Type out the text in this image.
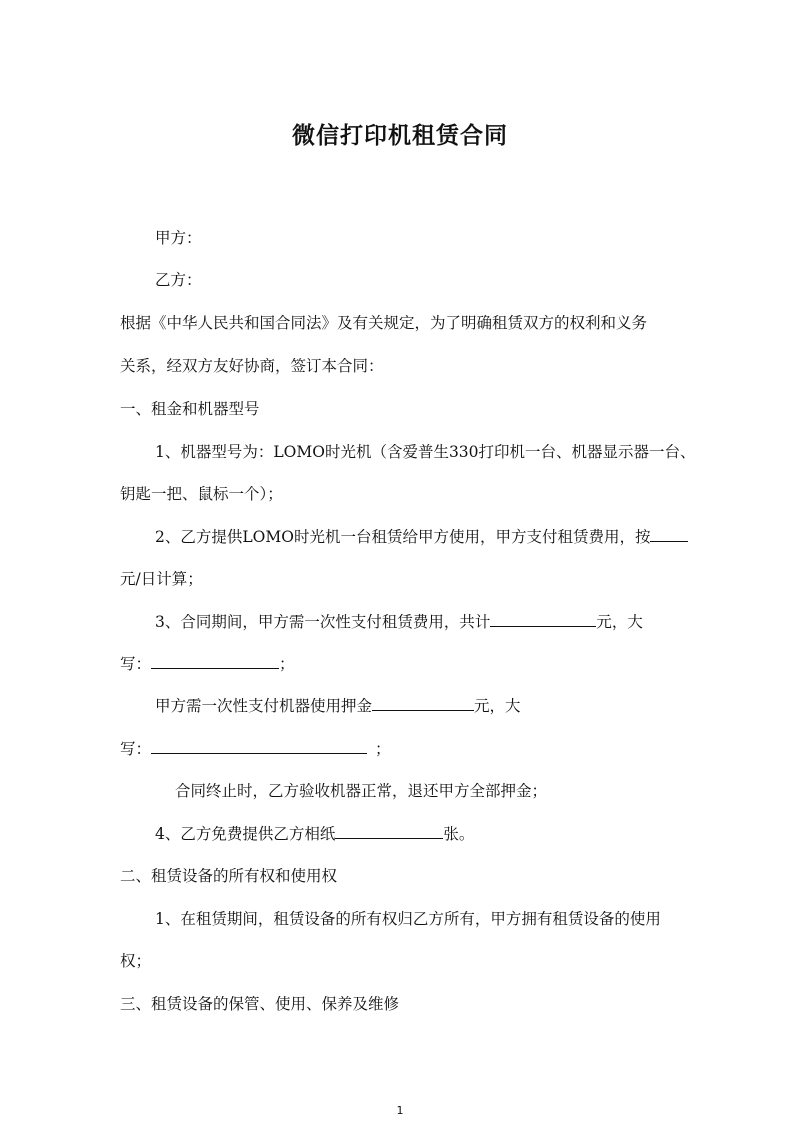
微信打印机租赁合同
甲方：
乙方：
根据《中华人民共和国合同法》及有关规定，为了明确租赁双方的权利和义务
关系，经双方友好协商，签订本合同：
一、租金和机器型号
1、机器型号为：LOMO时光机（含爱普生330打印机一台、机器显示器一台、
钥匙一把、鼠标一个）；
2、乙方提供LOMO时光机一台租赁给甲方使用，甲方支付租赁费用，按
元/日计算；
3、合同期间，甲方需一次性支付租赁费用，共计	元，大
写：	；
甲方需一次性支付机器使用押金	元，大
写：	；
合同终止时，乙方验收机器正常，退还甲方全部押金；
4、乙方免费提供乙方相纸	张。
二、租赁设备的所有权和使用权
1、在租赁期间，租赁设备的所有权归乙方所有，甲方拥有租赁设备的使用
权；
三、租赁设备的保管、使用、保养及维修
1
